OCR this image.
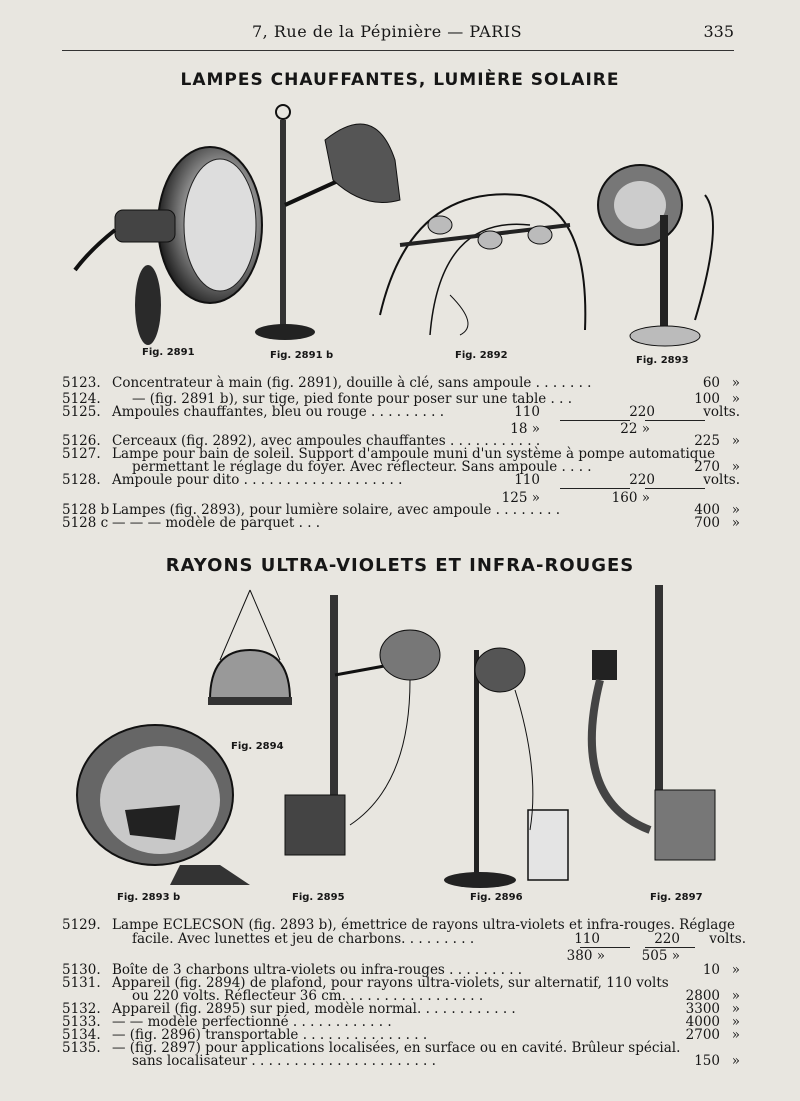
7, Rue de la Pépinière — PARIS	335
LAMPES CHAUFFANTES, LUMIÈRE SOLAIRE
Fig. 2891	Fig. 2891 b	Fig. 2892	Fig. 2893
5123. Concentrateur à main (fig. 2891), douille à clé, sans ampoule . . . . . . .	60 »
5124. — (fig. 2891 b), sur tige, pied fonte pour poser sur une table . . .	100 »
5125. Ampoules chauffantes, bleu ou rouge . . . . . . . . .	110	220	volts.
18 »	22 »
5126. Cerceaux (fig. 2892), avec ampoules chauffantes . . . . . . . . . . .	225 »
5127. Lampe pour bain de soleil. Support d'ampoule muni d'un système à pompe automatique
permettant le réglage du foyer. Avec réflecteur. Sans ampoule . . . .	270 »
5128. Ampoule pour dito . . . . . . . . . . . . . . . . . . .	110	220	volts.
125 »	160 »
5128 b Lampes (fig. 2893), pour lumière solaire, avec ampoule . . . . . . . .	400 »
5128 c — — — modèle de parquet . . .	700 »
RAYONS ULTRA-VIOLETS ET INFRA-ROUGES
Fig. 2894
Fig. 2893 b	Fig. 2895	Fig. 2896	Fig. 2897
5129. Lampe ECLECSON (fig. 2893 b), émettrice de rayons ultra-violets et infra-rouges. Réglage
facile. Avec lunettes et jeu de charbons. . . . . . . . .	110	220 volts.
380 »	505 »
5130. Boîte de 3 charbons ultra-violets ou infra-rouges . . . . . . . . .	10 »
5131. Appareil (fig. 2894) de plafond, pour rayons ultra-violets, sur alternatif, 110 volts
ou 220 volts. Réflecteur 36 cm. . . . . . . . . . . . . . . . .	2800 »
5132. Appareil (fig. 2895) sur pied, modèle normal. . . . . . . . . . . .	3300 »
5133. — — modèle perfectionné . . . . . . . . . . . .	4000 »
5134. — (fig. 2896) transportable . . . . . . . . . . . . . . .	2700 »
5135. — (fig. 2897) pour applications localisées, en surface ou en cavité. Brûleur spécial.
sans localisateur . . . . . . . . . . . . . . . . . . . . . .	150 »
